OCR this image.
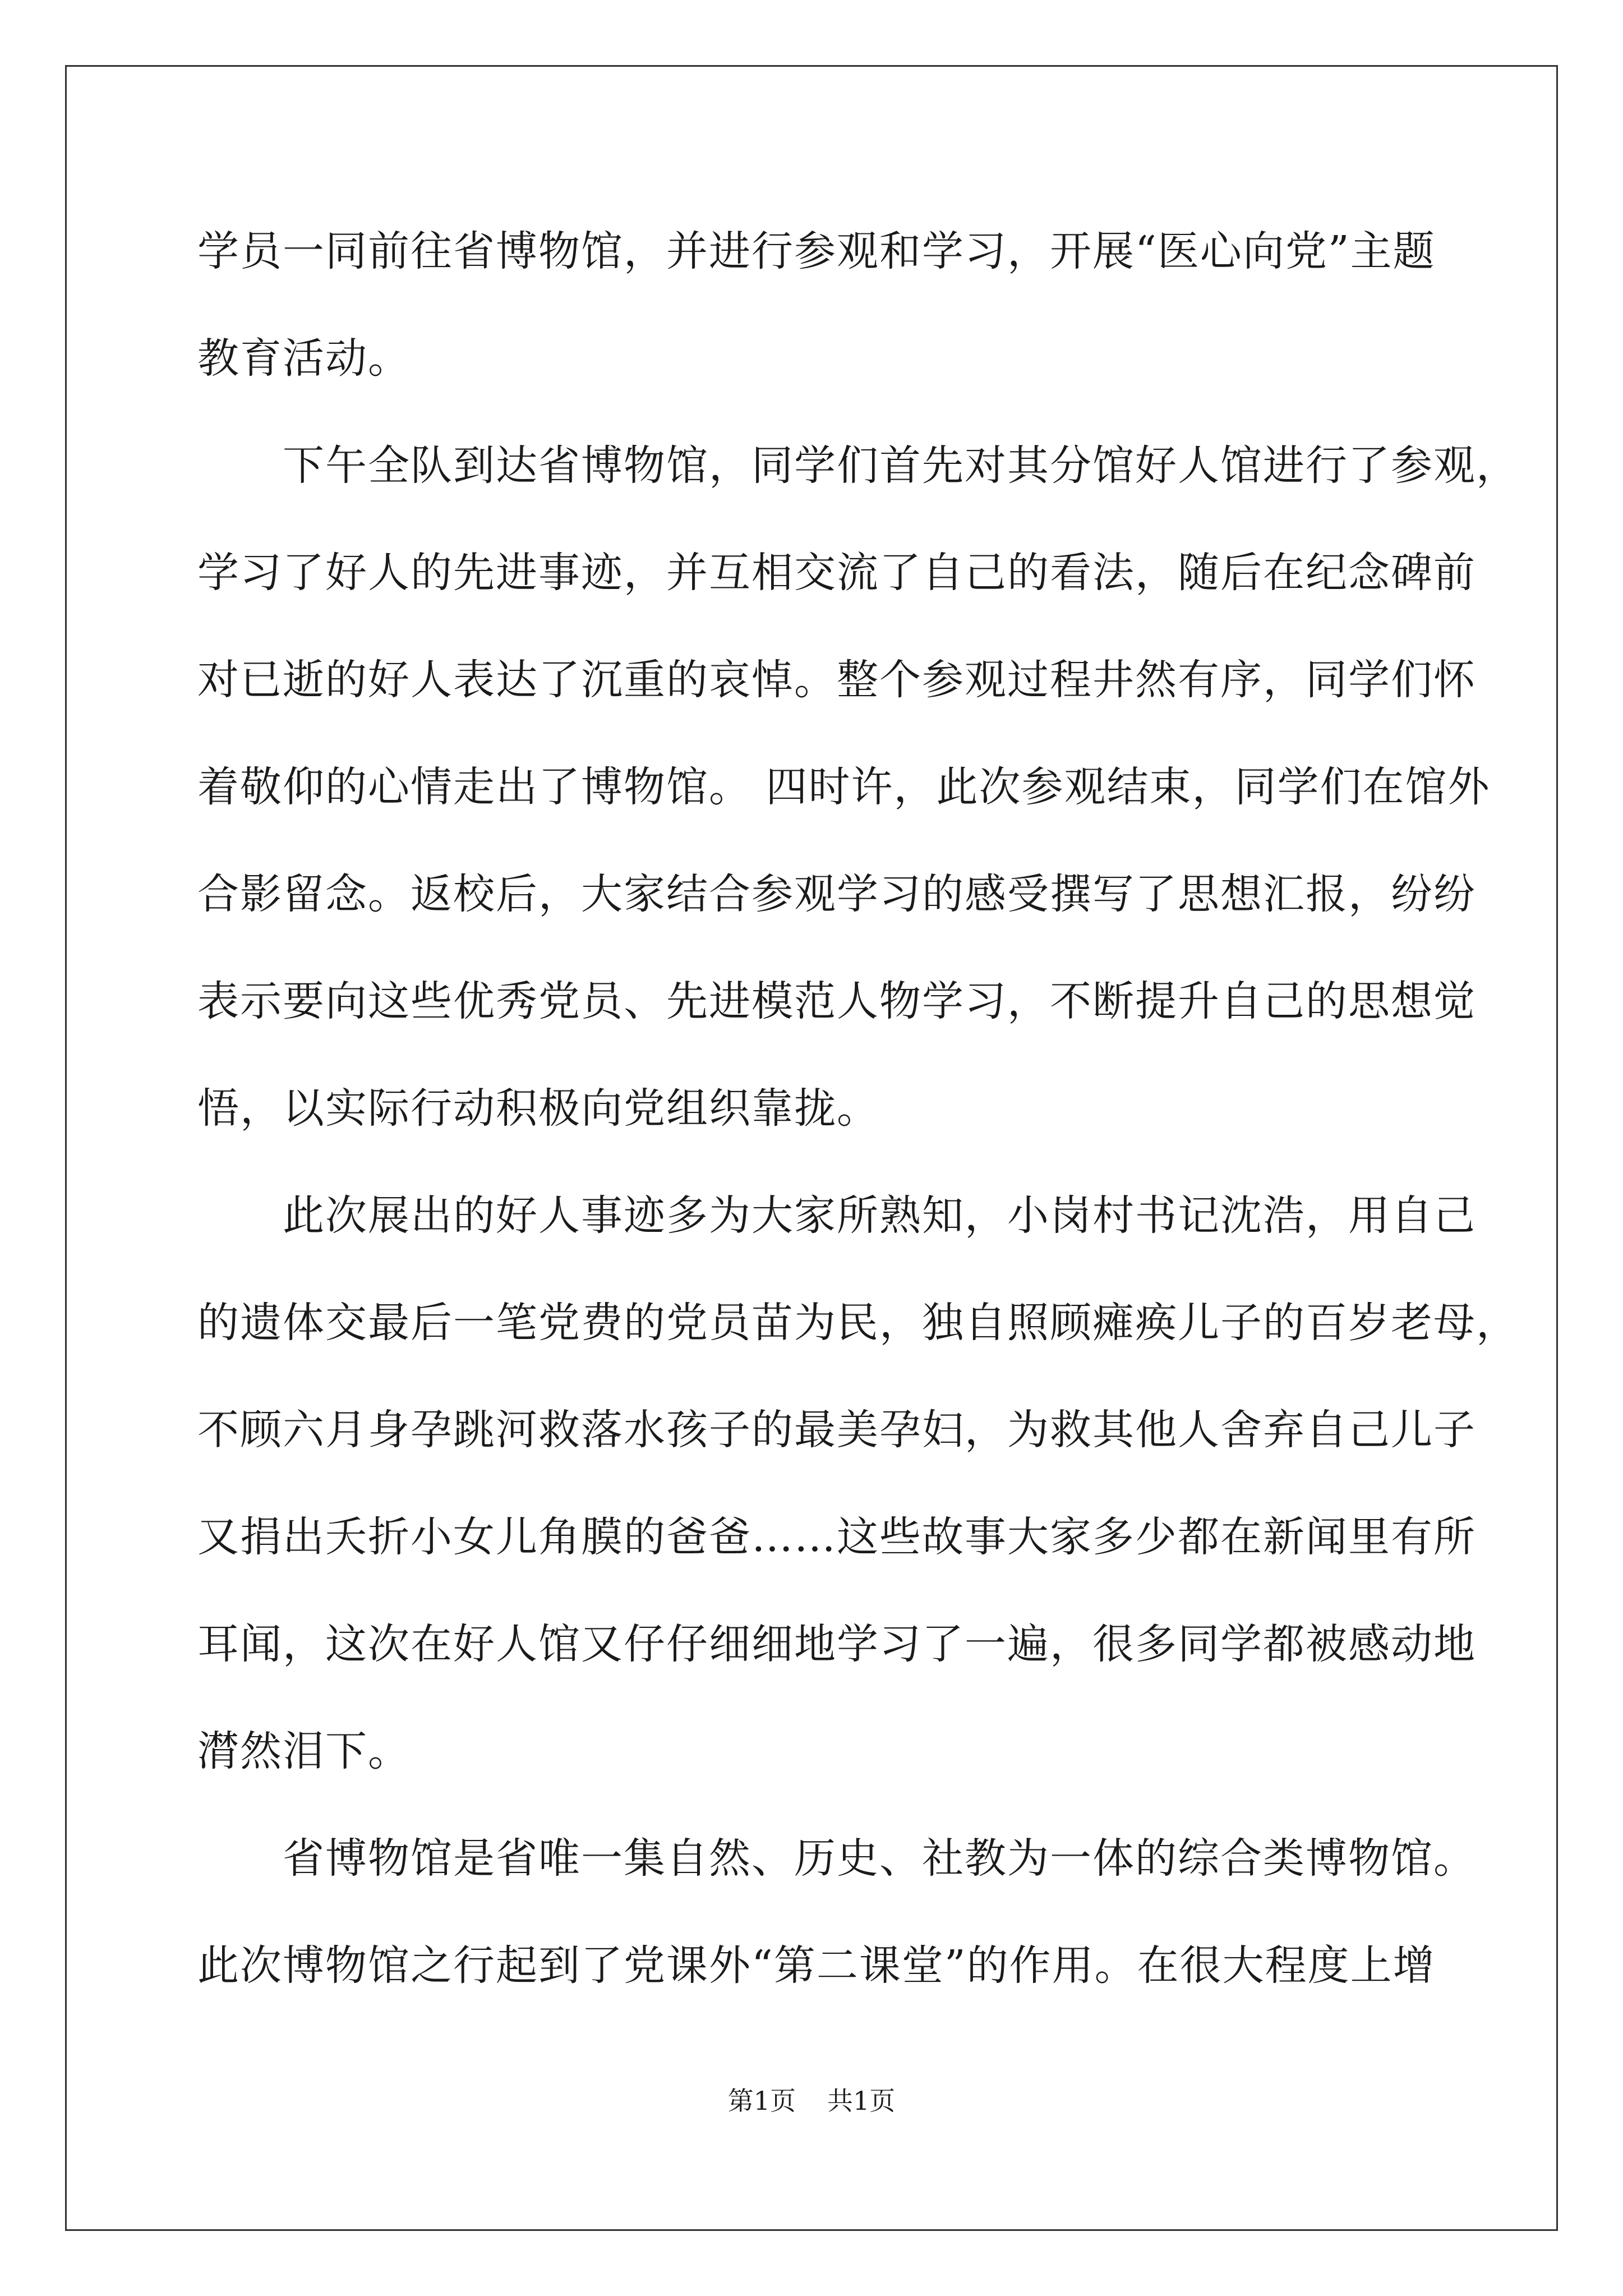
学员一同前往省博物馆，并进行参观和学习，开展“医心向党”主题
教育活动。
　　下午全队到达省博物馆，同学们首先对其分馆好人馆进行了参观，
学习了好人的先进事迹，并互相交流了自己的看法，随后在纪念碑前
对已逝的好人表达了沉重的哀悼。整个参观过程井然有序，同学们怀
着敬仰的心情走出了博物馆。 四时许，此次参观结束，同学们在馆外
合影留念。返校后，大家结合参观学习的感受撰写了思想汇报，纷纷
表示要向这些优秀党员、先进模范人物学习，不断提升自己的思想觉
悟，以实际行动积极向党组织靠拢。
　　此次展出的好人事迹多为大家所熟知，小岗村书记沈浩，用自己
的遗体交最后一笔党费的党员苗为民，独自照顾瘫痪儿子的百岁老母，
不顾六月身孕跳河救落水孩子的最美孕妇，为救其他人舍弃自己儿子
又捐出夭折小女儿角膜的爸爸……这些故事大家多少都在新闻里有所
耳闻，这次在好人馆又仔仔细细地学习了一遍，很多同学都被感动地
潸然泪下。
　　省博物馆是省唯一集自然、历史、社教为一体的综合类博物馆。
此次博物馆之行起到了党课外“第二课堂”的作用。在很大程度上增
第1页 共1页
